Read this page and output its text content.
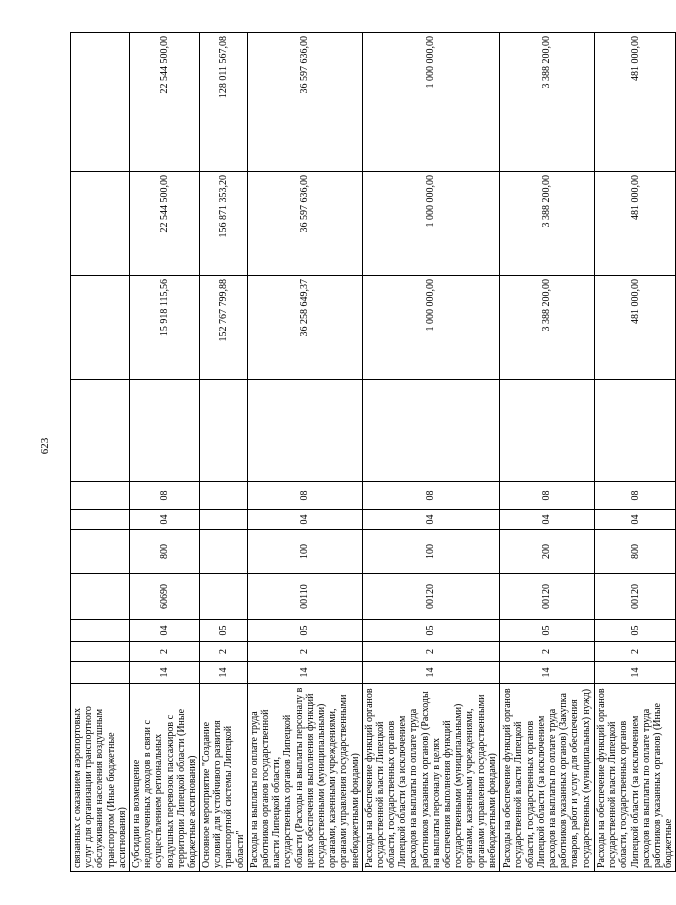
623
связанных с оказанием аэропортовых услуг для организации транспортного обслуживания населения воздушным транспортом (Иные бюджетные ассигнования)											
Субсидии на возмещение недополученных доходов в связи с осуществлением региональных воздушных перевозок пассажиров с территории Липецкой области (Иные бюджетные ассигнования)	14	2	04	60690	800	04	08		15 918 115,56	22 544 500,00	22 544 500,00
Основное мероприятие "Создание условий для устойчивого развития транспортной системы Липецкой области"	14	2	05						152 767 799,88	156 871 353,20	128 011 567,08
Расходы на выплаты по оплате труда работников органов государственной власти Липецкой области, государственных органов Липецкой области (Расходы на выплаты персоналу в целях обеспечения выполнения функций государственными (муниципальными) органами, казенными учреждениями, органами управления государственными внебюджетными фондами)	14	2	05	00110	100	04	08		36 258 649,37	36 597 636,00	36 597 636,00
Расходы на обеспечение функций органов государственной власти Липецкой области, государственных органов Липецкой области (за исключением расходов на выплаты по оплате труда работников указанных органов) (Расходы на выплаты персоналу в целях обеспечения выполнения функций государственными (муниципальными) органами, казенными учреждениями, органами управления государственными внебюджетными фондами)	14	2	05	00120	100	04	08		1 000 000,00	1 000 000,00	1 000 000,00
Расходы на обеспечение функций органов государственной власти Липецкой области, государственных органов Липецкой области (за исключением расходов на выплаты по оплате труда работников указанных органов) (Закупка товаров, работ и услуг для обеспечения государственных (муниципальных) нужд)	14	2	05	00120	200	04	08		3 388 200,00	3 388 200,00	3 388 200,00
Расходы на обеспечение функций органов государственной власти Липецкой области, государственных органов Липецкой области (за исключением расходов на выплаты по оплате труда работников указанных органов) (Иные бюджетные	14	2	05	00120	800	04	08		481 000,00	481 000,00	481 000,00
